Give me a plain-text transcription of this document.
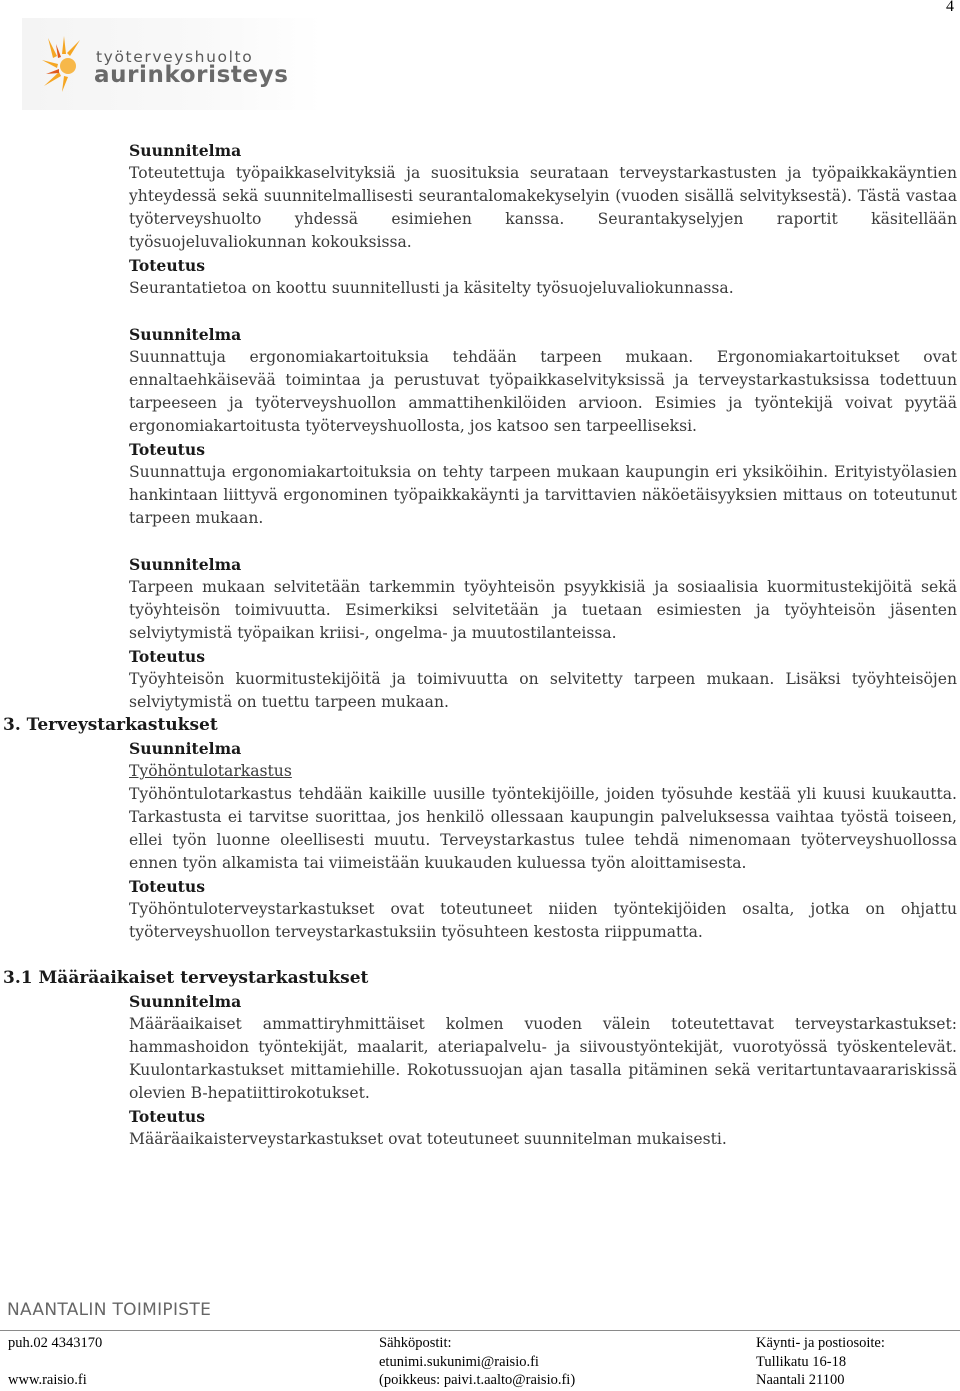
4
työterveyshuolto
aurinkoristeys
Suunnitelma
Toteutettuja työpaikkaselvityksiä ja suosituksia seurataan terveystarkastusten ja työpaikkakäyntien yhteydessä sekä suunnitelmallisesti seurantalomakekyselyin (vuoden sisällä selvityksestä). Tästä vastaa työterveyshuolto yhdessä esimiehen kanssa. Seurantakyselyjen raportit käsitellään työsuojeluvaliokunnan kokouksissa.
Toteutus
Seurantatietoa on koottu suunnitellusti ja käsitelty työsuojeluvaliokunnassa.
Suunnitelma
Suunnattuja ergonomiakartoituksia tehdään tarpeen mukaan. Ergonomiakartoitukset ovat ennaltaehkäisevää toimintaa ja perustuvat työpaikkaselvityksissä ja terveystarkastuksissa todettuun tarpeeseen ja työterveyshuollon ammattihenkilöiden arvioon. Esimies ja työntekijä voivat pyytää ergonomiakartoitusta työterveyshuollosta, jos katsoo sen tarpeelliseksi.
Toteutus
Suunnattuja ergonomiakartoituksia on tehty tarpeen mukaan kaupungin eri yksiköihin. Erityistyölasien hankintaan liittyvä ergonominen työpaikkakäynti ja tarvittavien näköetäisyyksien mittaus on toteutunut tarpeen mukaan.
Suunnitelma
Tarpeen mukaan selvitetään tarkemmin työyhteisön psyykkisiä ja sosiaalisia kuormitustekijöitä sekä työyhteisön toimivuutta. Esimerkiksi selvitetään ja tuetaan esimiesten ja työyhteisön jäsenten selviytymistä työpaikan kriisi-, ongelma- ja muutostilanteissa.
Toteutus
Työyhteisön kuormitustekijöitä ja toimivuutta on selvitetty tarpeen mukaan. Lisäksi työyhteisöjen selviytymistä on tuettu tarpeen mukaan.
3. Terveystarkastukset
Suunnitelma
Työhöntulotarkastus
Työhöntulotarkastus tehdään kaikille uusille työntekijöille, joiden työsuhde kestää yli kuusi kuukautta. Tarkastusta ei tarvitse suorittaa, jos henkilö ollessaan kaupungin palveluksessa vaihtaa työstä toiseen, ellei työn luonne oleellisesti muutu. Terveystarkastus tulee tehdä nimenomaan työterveyshuollossa ennen työn alkamista tai viimeistään kuukauden kuluessa työn aloittamisesta.
Toteutus
Työhöntuloterveystarkastukset ovat toteutuneet niiden työntekijöiden osalta, jotka on ohjattu työterveyshuollon terveystarkastuksiin työsuhteen kestosta riippumatta.
3.1 Määräaikaiset terveystarkastukset
Suunnitelma
Määräaikaiset ammattiryhmittäiset kolmen vuoden välein toteutettavat terveystarkastukset: hammashoidon työntekijät, maalarit, ateriapalvelu- ja siivoustyöntekijät, vuorotyössä työskentelevät. Kuulontarkastukset mittamiehille. Rokotussuojan ajan tasalla pitäminen sekä veritartuntavaarariskissä olevien B-hepatiittirokotukset.
Toteutus
Määräaikaisterveystarkastukset ovat toteutuneet suunnitelman mukaisesti.
NAANTALIN TOIMIPISTE
puh.02 4343170
www.raisio.fi
Sähköpostit:
etunimi.sukunimi@raisio.fi
(poikkeus: paivi.t.aalto@raisio.fi)
Käynti- ja postiosoite:
Tullikatu 16-18
Naantali 21100
